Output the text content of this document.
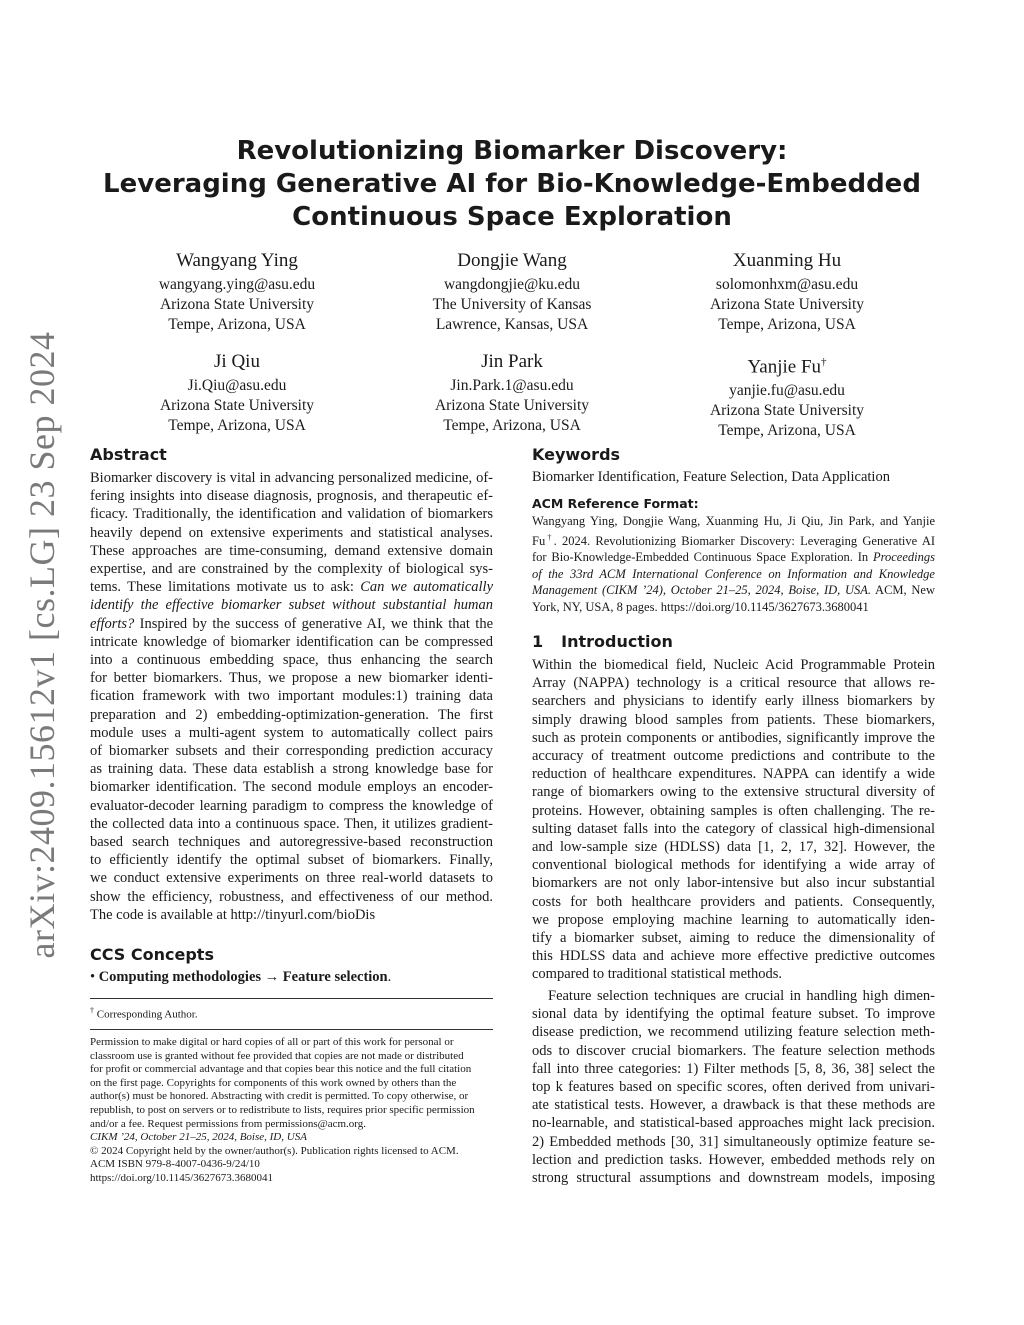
arXiv:2409.15612v1 [cs.LG] 23 Sep 2024
Revolutionizing Biomarker Discovery:
Leveraging Generative AI for Bio-Knowledge-Embedded
Continuous Space Exploration
Wangyang Ying
wangyang.ying@asu.edu
Arizona State University
Tempe, Arizona, USA
Dongjie Wang
wangdongjie@ku.edu
The University of Kansas
Lawrence, Kansas, USA
Xuanming Hu
solomonhxm@asu.edu
Arizona State University
Tempe, Arizona, USA
Ji Qiu
Ji.Qiu@asu.edu
Arizona State University
Tempe, Arizona, USA
Jin Park
Jin.Park.1@asu.edu
Arizona State University
Tempe, Arizona, USA
Yanjie Fu†
yanjie.fu@asu.edu
Arizona State University
Tempe, Arizona, USA
Abstract
Biomarker discovery is vital in advancing personalized medicine, of-
fering insights into disease diagnosis, prognosis, and therapeutic ef-
ficacy. Traditionally, the identification and validation of biomarkers
heavily depend on extensive experiments and statistical analyses.
These approaches are time-consuming, demand extensive domain
expertise, and are constrained by the complexity of biological sys-
tems. These limitations motivate us to ask: Can we automatically
identify the effective biomarker subset without substantial human
efforts? Inspired by the success of generative AI, we think that the
intricate knowledge of biomarker identification can be compressed
into a continuous embedding space, thus enhancing the search
for better biomarkers. Thus, we propose a new biomarker identi-
fication framework with two important modules:1) training data
preparation and 2) embedding-optimization-generation. The first
module uses a multi-agent system to automatically collect pairs
of biomarker subsets and their corresponding prediction accuracy
as training data. These data establish a strong knowledge base for
biomarker identification. The second module employs an encoder-
evaluator-decoder learning paradigm to compress the knowledge of
the collected data into a continuous space. Then, it utilizes gradient-
based search techniques and autoregressive-based reconstruction
to efficiently identify the optimal subset of biomarkers. Finally,
we conduct extensive experiments on three real-world datasets to
show the efficiency, robustness, and effectiveness of our method.
The code is available at http://tinyurl.com/bioDis
CCS Concepts
• Computing methodologies → Feature selection.
† Corresponding Author.
Permission to make digital or hard copies of all or part of this work for personal or
classroom use is granted without fee provided that copies are not made or distributed
for profit or commercial advantage and that copies bear this notice and the full citation
on the first page. Copyrights for components of this work owned by others than the
author(s) must be honored. Abstracting with credit is permitted. To copy otherwise, or
republish, to post on servers or to redistribute to lists, requires prior specific permission
and/or a fee. Request permissions from permissions@acm.org.
CIKM ’24, October 21–25, 2024, Boise, ID, USA
© 2024 Copyright held by the owner/author(s). Publication rights licensed to ACM.
ACM ISBN 979-8-4007-0436-9/24/10
https://doi.org/10.1145/3627673.3680041
Keywords
Biomarker Identification, Feature Selection, Data Application
ACM Reference Format:
Wangyang Ying, Dongjie Wang, Xuanming Hu, Ji Qiu, Jin Park, and Yanjie
Fu†. 2024. Revolutionizing Biomarker Discovery: Leveraging Generative AI
for Bio-Knowledge-Embedded Continuous Space Exploration. In Proceedings
of the 33rd ACM International Conference on Information and Knowledge
Management (CIKM ’24), October 21–25, 2024, Boise, ID, USA. ACM, New
York, NY, USA, 8 pages. https://doi.org/10.1145/3627673.3680041
1 Introduction
Within the biomedical field, Nucleic Acid Programmable Protein
Array (NAPPA) technology is a critical resource that allows re-
searchers and physicians to identify early illness biomarkers by
simply drawing blood samples from patients. These biomarkers,
such as protein components or antibodies, significantly improve the
accuracy of treatment outcome predictions and contribute to the
reduction of healthcare expenditures. NAPPA can identify a wide
range of biomarkers owing to the extensive structural diversity of
proteins. However, obtaining samples is often challenging. The re-
sulting dataset falls into the category of classical high-dimensional
and low-sample size (HDLSS) data [1, 2, 17, 32]. However, the
conventional biological methods for identifying a wide array of
biomarkers are not only labor-intensive but also incur substantial
costs for both healthcare providers and patients. Consequently,
we propose employing machine learning to automatically iden-
tify a biomarker subset, aiming to reduce the dimensionality of
this HDLSS data and achieve more effective predictive outcomes
compared to traditional statistical methods.
Feature selection techniques are crucial in handling high dimen-
sional data by identifying the optimal feature subset. To improve
disease prediction, we recommend utilizing feature selection meth-
ods to discover crucial biomarkers. The feature selection methods
fall into three categories: 1) Filter methods [5, 8, 36, 38] select the
top k features based on specific scores, often derived from univari-
ate statistical tests. However, a drawback is that these methods are
no-learnable, and statistical-based approaches might lack precision.
2) Embedded methods [30, 31] simultaneously optimize feature se-
lection and prediction tasks. However, embedded methods rely on
strong structural assumptions and downstream models, imposing
